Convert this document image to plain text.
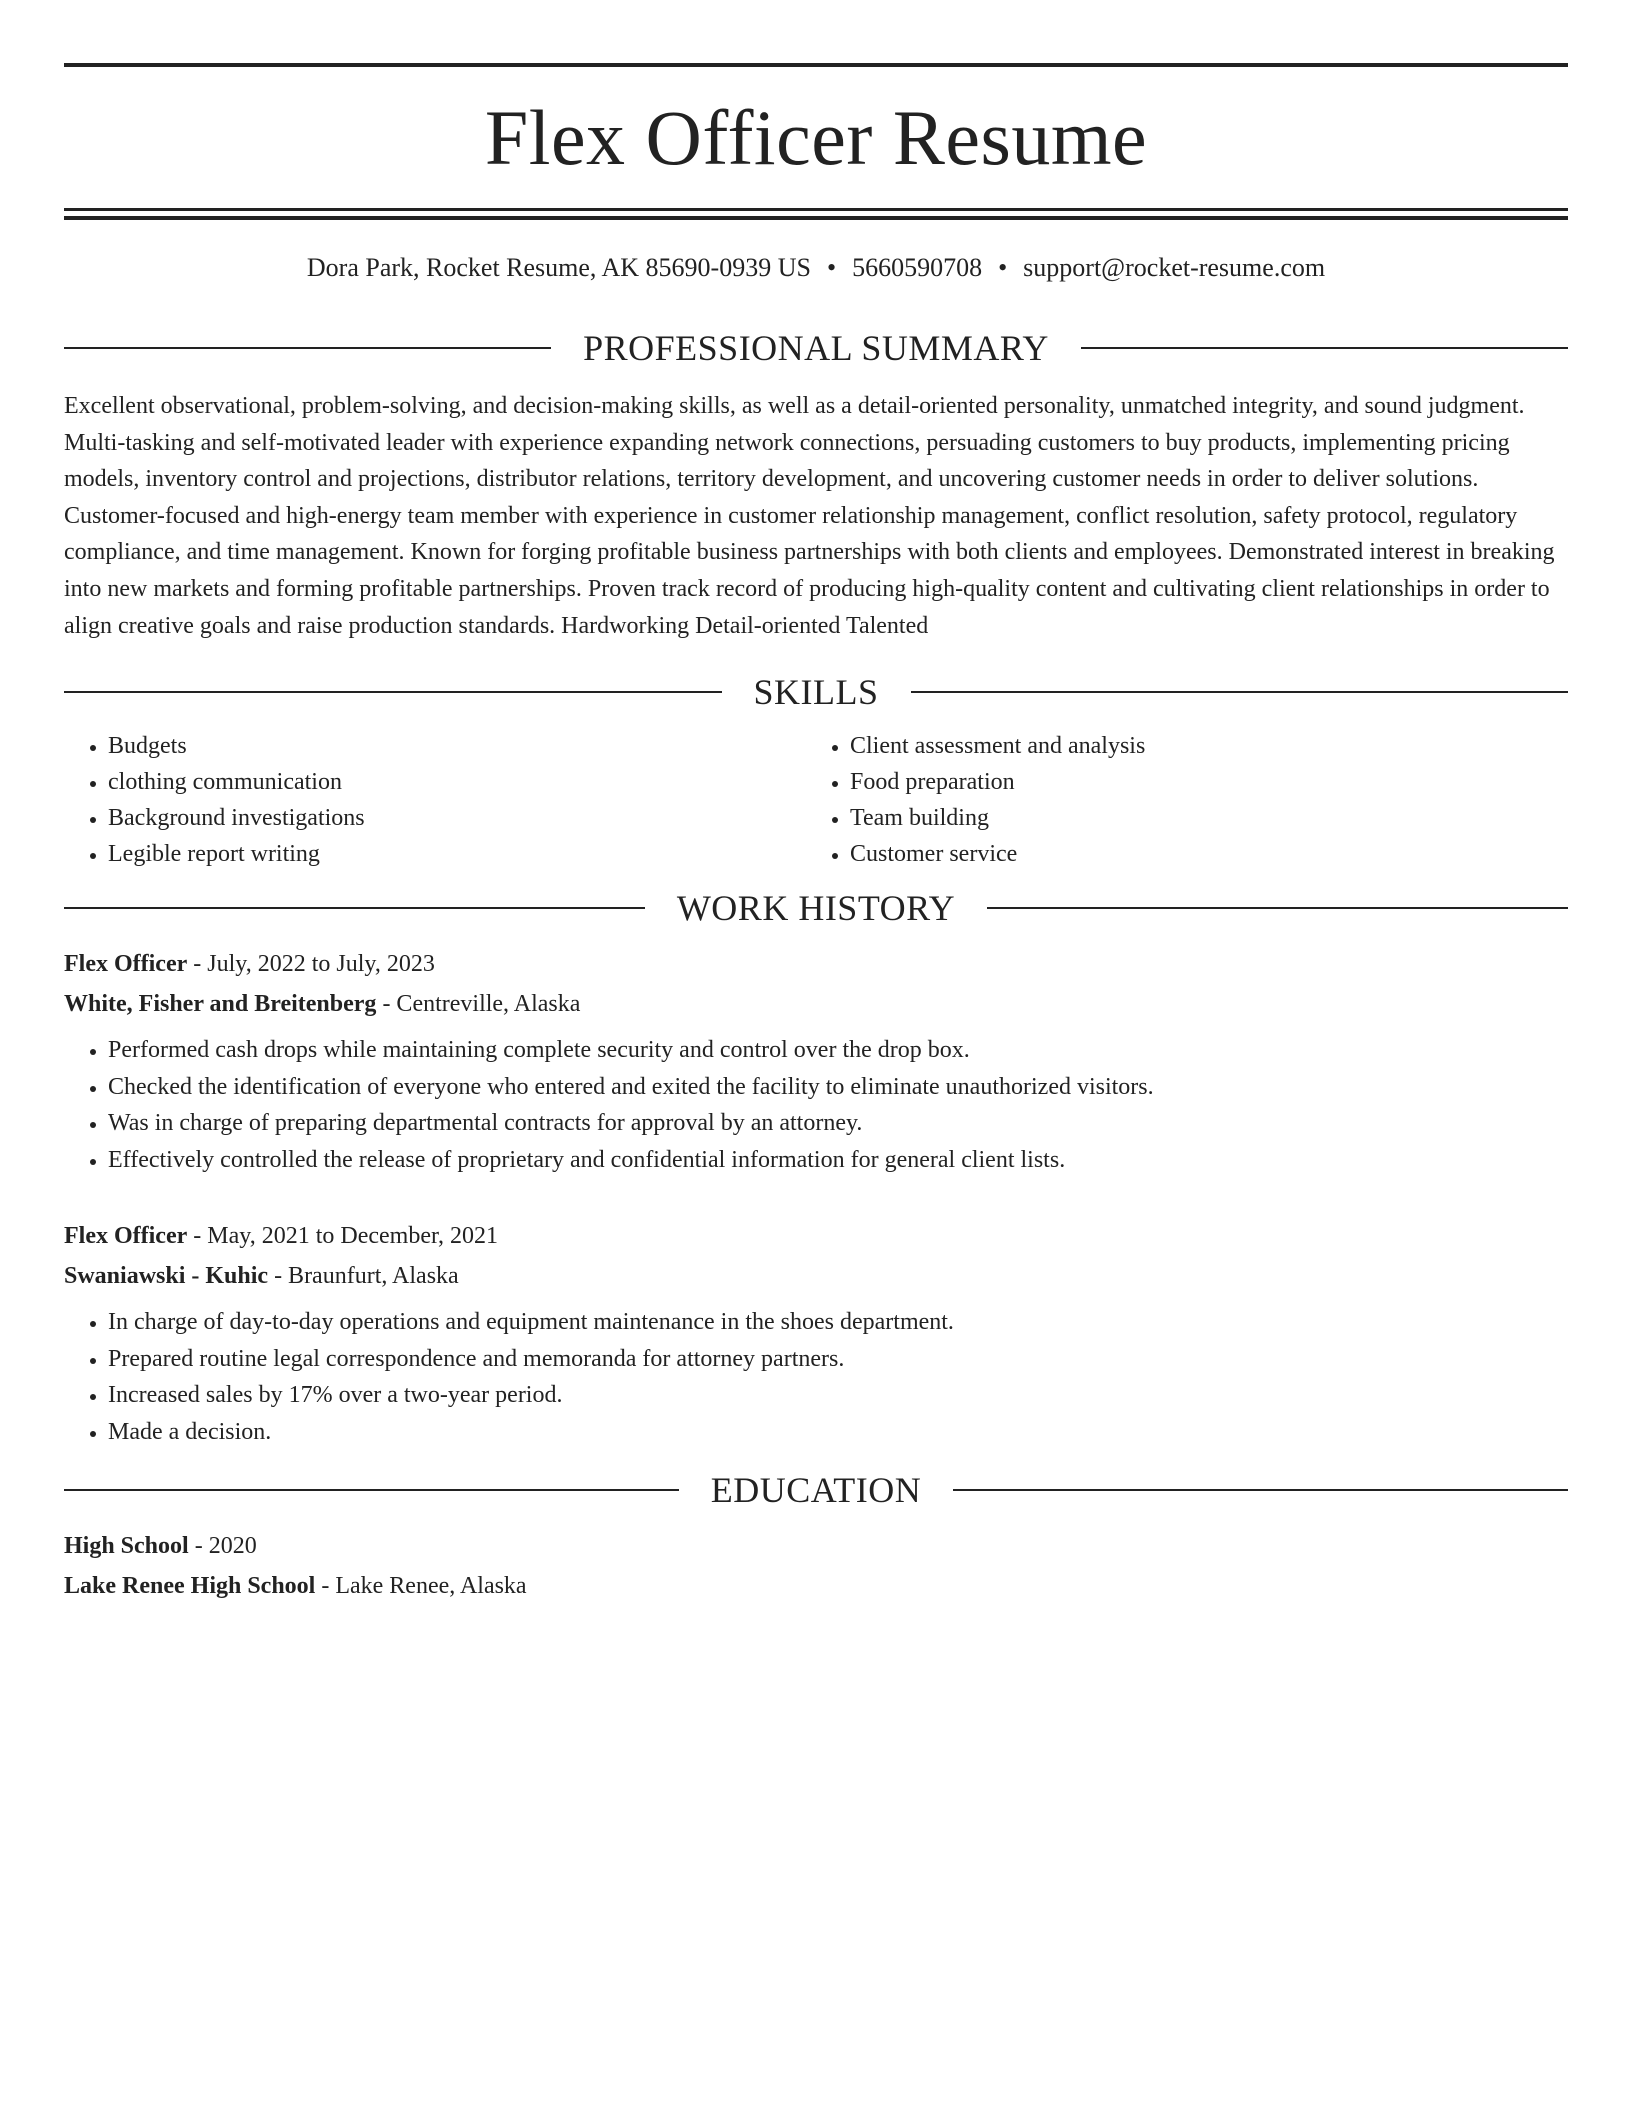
Flex Officer Resume
Dora Park, Rocket Resume, AK 85690-0939 US • 5660590708 • support@rocket-resume.com
PROFESSIONAL SUMMARY

Excellent observational, problem-solving, and decision-making skills, as well as a detail-oriented personality, unmatched integrity, and sound judgment. Multi-tasking and self-motivated leader with experience expanding network connections, persuading customers to buy products, implementing pricing models, inventory control and projections, distributor relations, territory development, and uncovering customer needs in order to deliver solutions. Customer-focused and high-energy team member with experience in customer relationship management, conflict resolution, safety protocol, regulatory compliance, and time management. Known for forging profitable business partnerships with both clients and employees. Demonstrated interest in breaking into new markets and forming profitable partnerships. Proven track record of producing high-quality content and cultivating client relationships in order to align creative goals and raise production standards. Hardworking Detail-oriented Talented

SKILLS
• Budgets
• clothing communication
• Background investigations
• Legible report writing
• Client assessment and analysis
• Food preparation
• Team building
• Customer service
WORK HISTORY
Flex Officer - July, 2022 to July, 2023
White, Fisher and Breitenberg - Centreville, Alaska
• Performed cash drops while maintaining complete security and control over the drop box.
• Checked the identification of everyone who entered and exited the facility to eliminate unauthorized visitors.
• Was in charge of preparing departmental contracts for approval by an attorney.
• Effectively controlled the release of proprietary and confidential information for general client lists.
Flex Officer - May, 2021 to December, 2021
Swaniawski - Kuhic - Braunfurt, Alaska
• In charge of day-to-day operations and equipment maintenance in the shoes department.
• Prepared routine legal correspondence and memoranda for attorney partners.
• Increased sales by 17% over a two-year period.
• Made a decision.
EDUCATION
High School - 2020
Lake Renee High School - Lake Renee, Alaska
